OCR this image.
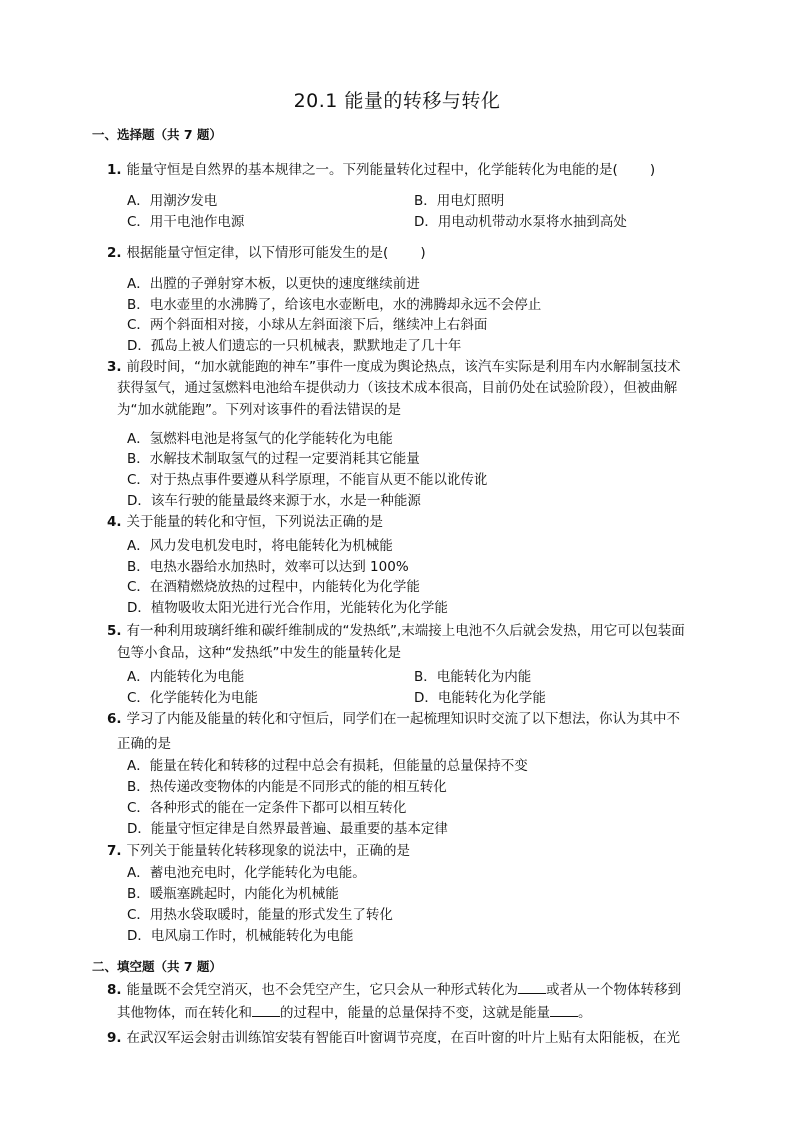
20.1 能量的转移与转化
一、选择题（共 7 题）
1. 能量守恒是自然界的基本规律之一。下列能量转化过程中，化学能转化为电能的是( )
A．用潮汐发电	B．用电灯照明
C．用干电池作电源	D．用电动机带动水泵将水抽到高处
2. 根据能量守恒定律，以下情形可能发生的是( )
A．出膛的子弹射穿木板，以更快的速度继续前进
B．电水壶里的水沸腾了，给该电水壶断电，水的沸腾却永远不会停止
C．两个斜面相对接，小球从左斜面滚下后，继续冲上右斜面
D．孤岛上被人们遗忘的一只机械表，默默地走了几十年
3. 前段时间，“加水就能跑的神车”事件一度成为舆论热点，该汽车实际是利用车内水解制氢技术
获得氢气，通过氢燃料电池给车提供动力（该技术成本很高，目前仍处在试验阶段），但被曲解
为“加水就能跑”。下列对该事件的看法错误的是
A．氢燃料电池是将氢气的化学能转化为电能
B．水解技术制取氢气的过程一定要消耗其它能量
C．对于热点事件要遵从科学原理，不能盲从更不能以讹传讹
D．该车行驶的能量最终来源于水，水是一种能源
4. 关于能量的转化和守恒，下列说法正确的是
A．风力发电机发电时，将电能转化为机械能
B．电热水器给水加热时，效率可以达到 100%
C．在酒精燃烧放热的过程中，内能转化为化学能
D．植物吸收太阳光进行光合作用，光能转化为化学能
5. 有一种利用玻璃纤维和碳纤维制成的“发热纸”,末端接上电池不久后就会发热，用它可以包装面
包等小食品，这种“发热纸”中发生的能量转化是
A．内能转化为电能	B．电能转化为内能
C．化学能转化为电能	D．电能转化为化学能
6. 学习了内能及能量的转化和守恒后，同学们在一起梳理知识时交流了以下想法，你认为其中不
正确的是
A．能量在转化和转移的过程中总会有损耗，但能量的总量保持不变
B．热传递改变物体的内能是不同形式的能的相互转化
C．各种形式的能在一定条件下都可以相互转化
D．能量守恒定律是自然界最普遍、最重要的基本定律
7. 下列关于能量转化转移现象的说法中，正确的是
A．蓄电池充电时，化学能转化为电能。
B．暖瓶塞跳起时，内能化为机械能
C．用热水袋取暖时，能量的形式发生了转化
D．电风扇工作时，机械能转化为电能
二、填空题（共 7 题）
8. 能量既不会凭空消灭，也不会凭空产生，它只会从一种形式转化为 或者从一个物体转移到
其他物体，而在转化和 的过程中，能量的总量保持不变，这就是能量 。
9. 在武汉军运会射击训练馆安装有智能百叶窗调节亮度，在百叶窗的叶片上贴有太阳能板，在光
